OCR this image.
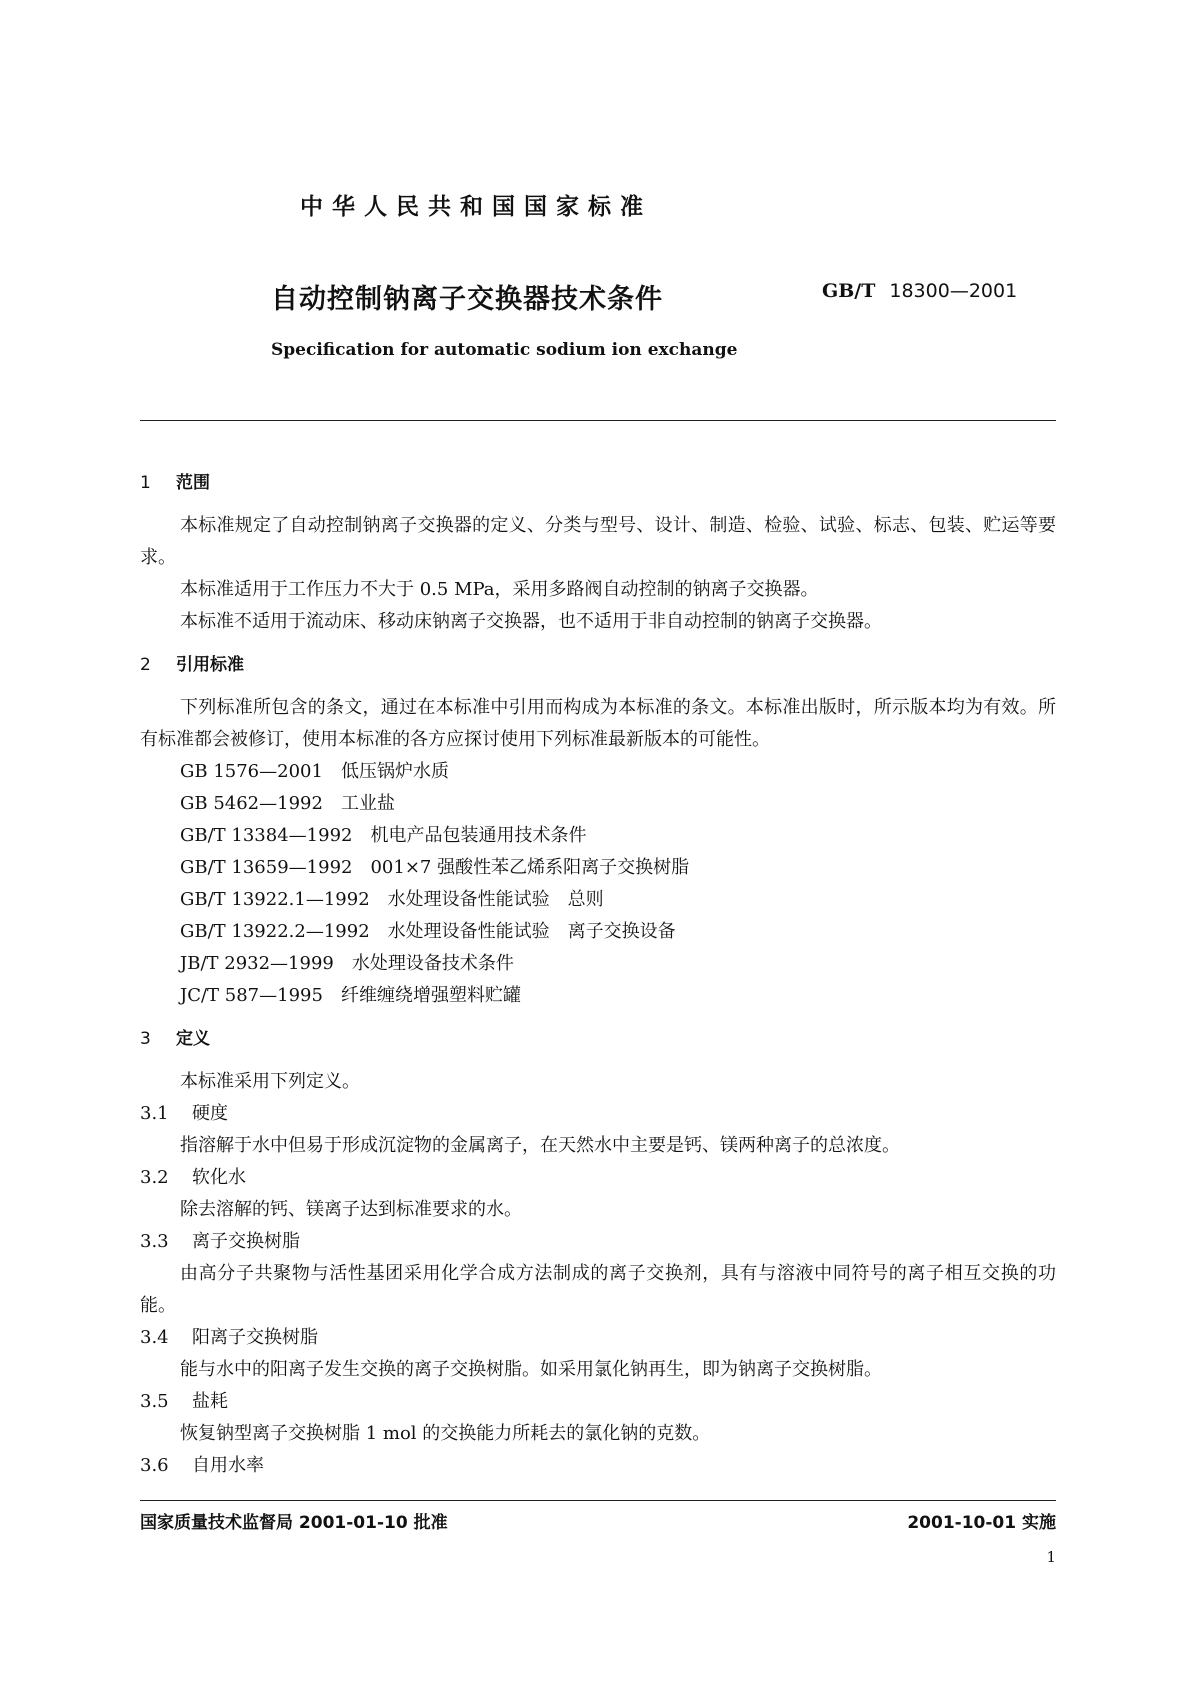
中华人民共和国国家标准
自动控制钠离子交换器技术条件	GB/T 18300—2001
Specification for automatic sodium ion exchange
1 范围

本标准规定了自动控制钠离子交换器的定义、分类与型号、设计、制造、检验、试验、标志、包装、贮运等要求。

本标准适用于工作压力不大于 0.5 MPa，采用多路阀自动控制的钠离子交换器。

本标准不适用于流动床、移动床钠离子交换器，也不适用于非自动控制的钠离子交换器。

2 引用标准

下列标准所包含的条文，通过在本标准中引用而构成为本标准的条文。本标准出版时，所示版本均为有效。所有标准都会被修订，使用本标准的各方应探讨使用下列标准最新版本的可能性。

GB 1576—2001　低压锅炉水质

GB 5462—1992　工业盐

GB/T 13384—1992　机电产品包装通用技术条件

GB/T 13659—1992　001×7 强酸性苯乙烯系阳离子交换树脂

GB/T 13922.1—1992　水处理设备性能试验　总则

GB/T 13922.2—1992　水处理设备性能试验　离子交换设备

JB/T 2932—1999　水处理设备技术条件

JC/T 587—1995　纤维缠绕增强塑料贮罐

3 定义

本标准采用下列定义。

3.1 硬度

指溶解于水中但易于形成沉淀物的金属离子，在天然水中主要是钙、镁两种离子的总浓度。

3.2 软化水

除去溶解的钙、镁离子达到标准要求的水。

3.3 离子交换树脂

由高分子共聚物与活性基团采用化学合成方法制成的离子交换剂，具有与溶液中同符号的离子相互交换的功能。

3.4 阳离子交换树脂

能与水中的阳离子发生交换的离子交换树脂。如采用氯化钠再生，即为钠离子交换树脂。

3.5 盐耗

恢复钠型离子交换树脂 1 mol 的交换能力所耗去的氯化钠的克数。

3.6 自用水率

国家质量技术监督局 2001-01-10 批准	2001-10-01 实施
1
